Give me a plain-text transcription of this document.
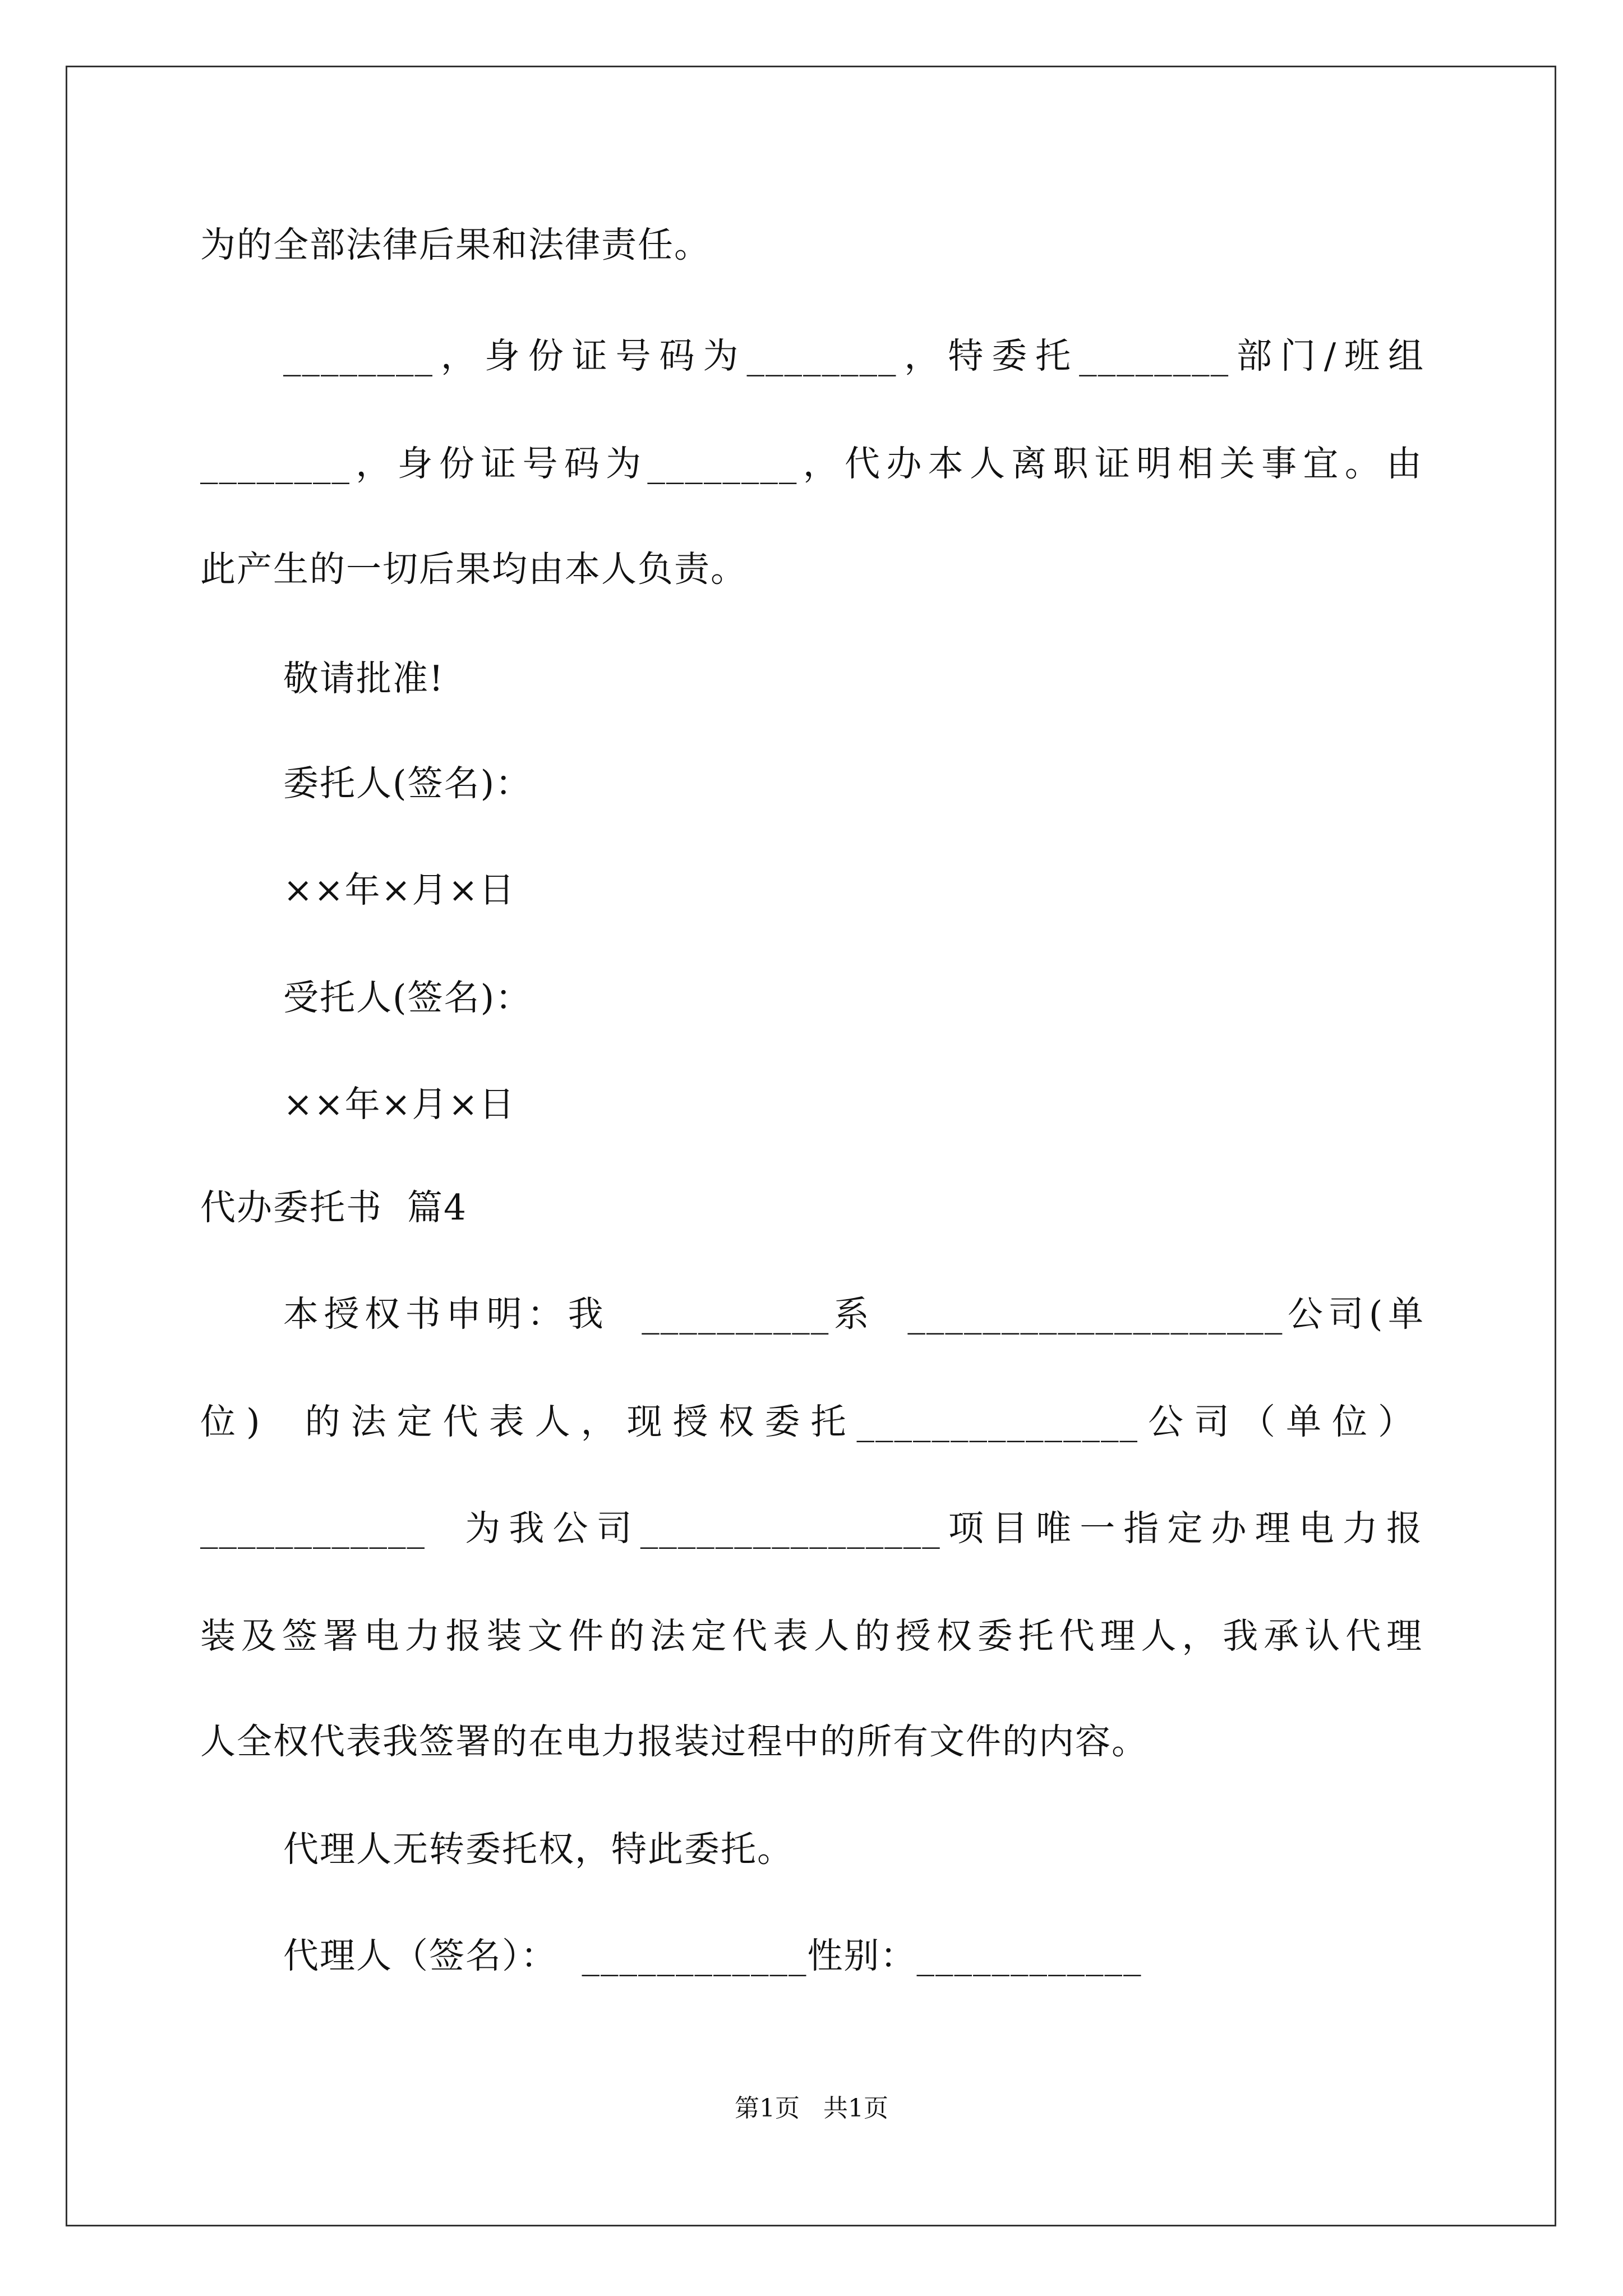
为的全部法律后果和法律责任。
________，身份证号码为________，特委托________部门/班组
________，身份证号码为________，代办本人离职证明相关事宜。由
此产生的一切后果均由本人负责。
敬请批准!
委托人(签名)：
××年×月×日
受托人(签名)：
××年×月×日
代办委托书  篇4
本授权书申明：我  __________系  ____________________公司(单
位)  的法定代表人，现授权委托_______________公司（单位）
____________  为我公司________________项目唯一指定办理电力报
装及签署电力报装文件的法定代表人的授权委托代理人，我承认代理
人全权代表我签署的在电力报装过程中的所有文件的内容。
代理人无转委托权，特此委托。
代理人（签名）：  ____________性别：____________
第1页   共1页
